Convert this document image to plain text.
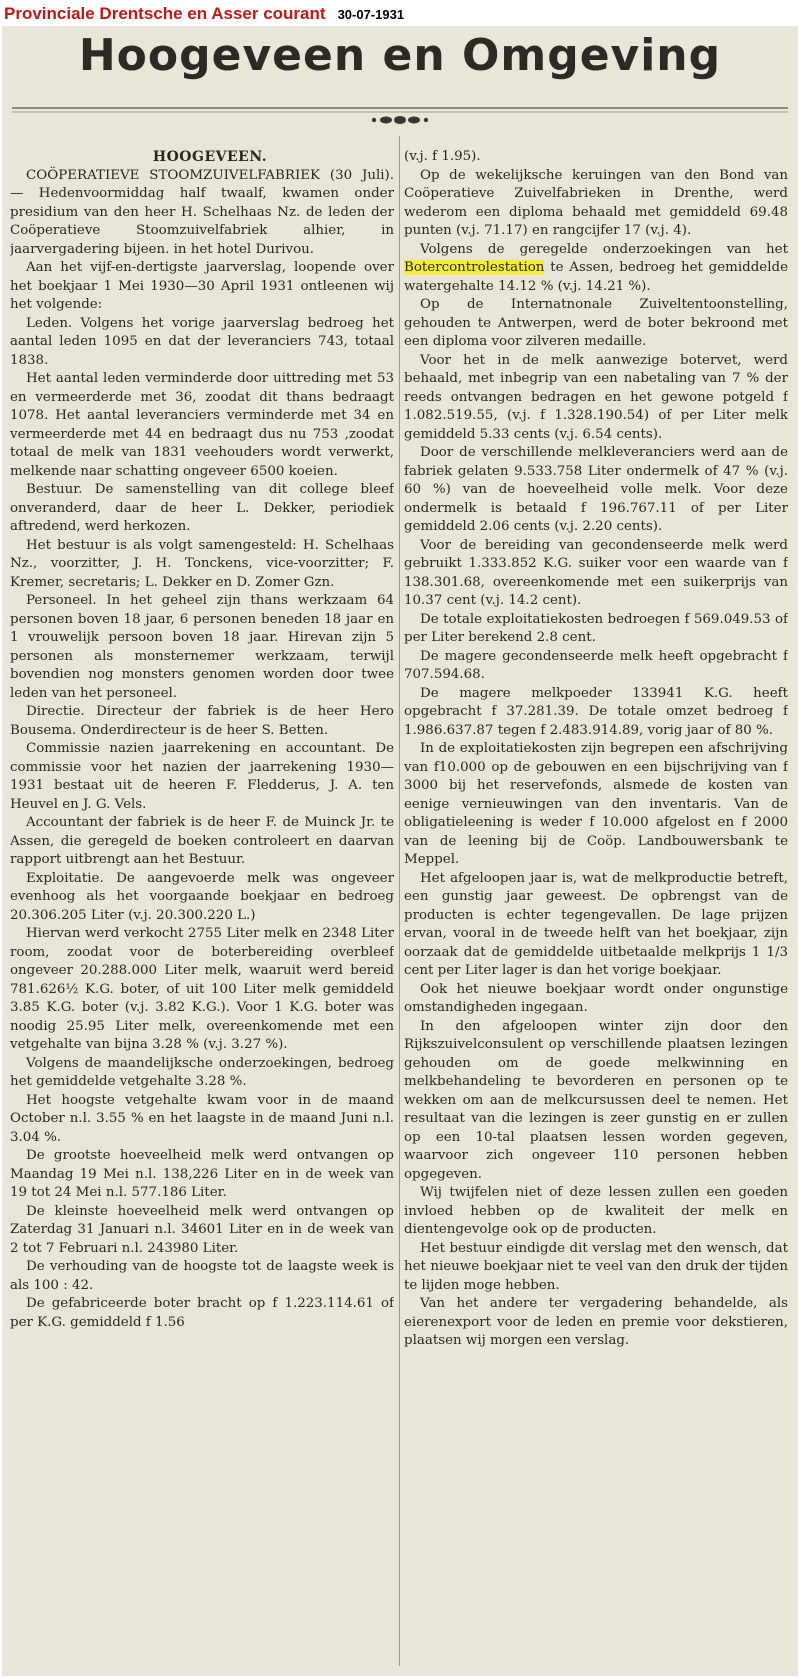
Provinciale Drentsche en Asser courant 30-07-1931
Hoogeveen en Omgeving

HOOGEVEEN.

COÖPERATIEVE STOOMZUIVELFABRIEK (30 Juli). — Hedenvoormiddag half twaalf, kwamen onder presidium van den heer H. Schelhaas Nz. de leden der Coöperatieve Stoomzuivelfabriek alhier, in jaarvergadering bijeen. in het hotel Durivou.

Aan het vijf-en-dertigste jaarverslag, loopende over het boekjaar 1 Mei 1930—30 April 1931 ontleenen wij het volgende:

Leden. Volgens het vorige jaarverslag bedroeg het aantal leden 1095 en dat der leveranciers 743, totaal 1838.

Het aantal leden verminderde door uittreding met 53 en vermeerderde met 36, zoodat dit thans bedraagt 1078. Het aantal leveranciers verminderde met 34 en vermeerderde met 44 en bedraagt dus nu 753 ,zoodat totaal de melk van 1831 veehouders wordt verwerkt, melkende naar schatting ongeveer 6500 koeien.

Bestuur. De samenstelling van dit college bleef onveranderd, daar de heer L. Dekker, periodiek aftredend, werd herkozen.

Het bestuur is als volgt samengesteld: H. Schelhaas Nz., voorzitter, J. H. Tonckens, vice-voorzitter; F. Kremer, secretaris; L. Dekker en D. Zomer Gzn.

Personeel. In het geheel zijn thans werkzaam 64 personen boven 18 jaar, 6 personen beneden 18 jaar en 1 vrouwelijk persoon boven 18 jaar. Hirevan zijn 5 personen als monsternemer werkzaam, terwijl bovendien nog monsters genomen worden door twee leden van het personeel.

Directie. Directeur der fabriek is de heer Hero Bousema. Onderdirecteur is de heer S. Betten.

Commissie nazien jaarrekening en accountant. De commissie voor het nazien der jaarrekening 1930—1931 bestaat uit de heeren F. Fledderus, J. A. ten Heuvel en J. G. Vels.

Accountant der fabriek is de heer F. de Muinck Jr. te Assen, die geregeld de boeken controleert en daarvan rapport uitbrengt aan het Bestuur.

Exploitatie. De aangevoerde melk was ongeveer evenhoog als het voorgaande boekjaar en bedroeg 20.306.205 Liter (v.j. 20.300.220 L.)

Hiervan werd verkocht 2755 Liter melk en 2348 Liter room, zoodat voor de boterbereiding overbleef ongeveer 20.288.000 Liter melk, waaruit werd bereid 781.626½ K.G. boter, of uit 100 Liter melk gemiddeld 3.85 K.G. boter (v.j. 3.82 K.G.). Voor 1 K.G. boter was noodig 25.95 Liter melk, overeenkomende met een vetgehalte van bijna 3.28 % (v.j. 3.27 %).

Volgens de maandelijksche onderzoekingen, bedroeg het gemiddelde vetgehalte 3.28 %.

Het hoogste vetgehalte kwam voor in de maand October n.l. 3.55 % en het laagste in de maand Juni n.l. 3.04 %.

De grootste hoeveelheid melk werd ontvangen op Maandag 19 Mei n.l. 138,226 Liter en in de week van 19 tot 24 Mei n.l. 577.186 Liter.

De kleinste hoeveelheid melk werd ontvangen op Zaterdag 31 Januari n.l. 34601 Liter en in de week van 2 tot 7 Februari n.l. 243980 Liter.

De verhouding van de hoogste tot de laagste week is als 100 : 42.

De gefabriceerde boter bracht op f 1.223.114.61 of per K.G. gemiddeld f 1.56

(v.j. f 1.95).

Op de wekelijksche keruingen van den Bond van Coöperatieve Zuivelfabrieken in Drenthe, werd wederom een diploma behaald met gemiddeld 69.48 punten (v.j. 71.17) en rangcijfer 17 (v.j. 4).

Volgens de geregelde onderzoekingen van het Botercontrolestation te Assen, bedroeg het gemiddelde watergehalte 14.12 % (v.j. 14.21 %).

Op de Internatnonale Zuiveltentoonstelling, gehouden te Antwerpen, werd de boter bekroond met een diploma voor zilveren medaille.

Voor het in de melk aanwezige botervet, werd behaald, met inbegrip van een nabetaling van 7 % der reeds ontvangen bedragen en het gewone potgeld f 1.082.519.55, (v.j. f 1.328.190.54) of per Liter melk gemiddeld 5.33 cents (v.j. 6.54 cents).

Door de verschillende melkleveranciers werd aan de fabriek gelaten 9.533.758 Liter ondermelk of 47 % (v.j. 60 %) van de hoeveelheid volle melk. Voor deze ondermelk is betaald f 196.767.11 of per Liter gemiddeld 2.06 cents (v.j. 2.20 cents).

Voor de bereiding van gecondenseerde melk werd gebruikt 1.333.852 K.G. suiker voor een waarde van f 138.301.68, overeenkomende met een suikerprijs van 10.37 cent (v.j. 14.2 cent).

De totale exploitatiekosten bedroegen f 569.049.53 of per Liter berekend 2.8 cent.

De magere gecondenseerde melk heeft opgebracht f 707.594.68.

De magere melkpoeder 133941 K.G. heeft opgebracht f 37.281.39. De totale omzet bedroeg f 1.986.637.87 tegen f 2.483.914.89, vorig jaar of 80 %.

In de exploitatiekosten zijn begrepen een afschrijving van f10.000 op de gebouwen en een bijschrijving van f 3000 bij het reservefonds, alsmede de kosten van eenige vernieuwingen van den inventaris. Van de obligatieleening is weder f 10.000 afgelost en f 2000 van de leening bij de Coöp. Landbouwersbank te Meppel.

Het afgeloopen jaar is, wat de melkproductie betreft, een gunstig jaar geweest. De opbrengst van de producten is echter tegengevallen. De lage prijzen ervan, vooral in de tweede helft van het boekjaar, zijn oorzaak dat de gemiddelde uitbetaalde melkprijs 1 1/3 cent per Liter lager is dan het vorige boekjaar.

Ook het nieuwe boekjaar wordt onder ongunstige omstandigheden ingegaan.

In den afgeloopen winter zijn door den Rijkszuivelconsulent op verschillende plaatsen lezingen gehouden om de goede melkwinning en melkbehandeling te bevorderen en personen op te wekken om aan de melkcursussen deel te nemen. Het resultaat van die lezingen is zeer gunstig en er zullen op een 10-tal plaatsen lessen worden gegeven, waarvoor zich ongeveer 110 personen hebben opgegeven.

Wij twijfelen niet of deze lessen zullen een goeden invloed hebben op de kwaliteit der melk en dientengevolge ook op de producten.

Het bestuur eindigde dit verslag met den wensch, dat het nieuwe boekjaar niet te veel van den druk der tijden te lijden moge hebben.

Van het andere ter vergadering behandelde, als eierenexport voor de leden en premie voor dekstieren, plaatsen wij morgen een verslag.
